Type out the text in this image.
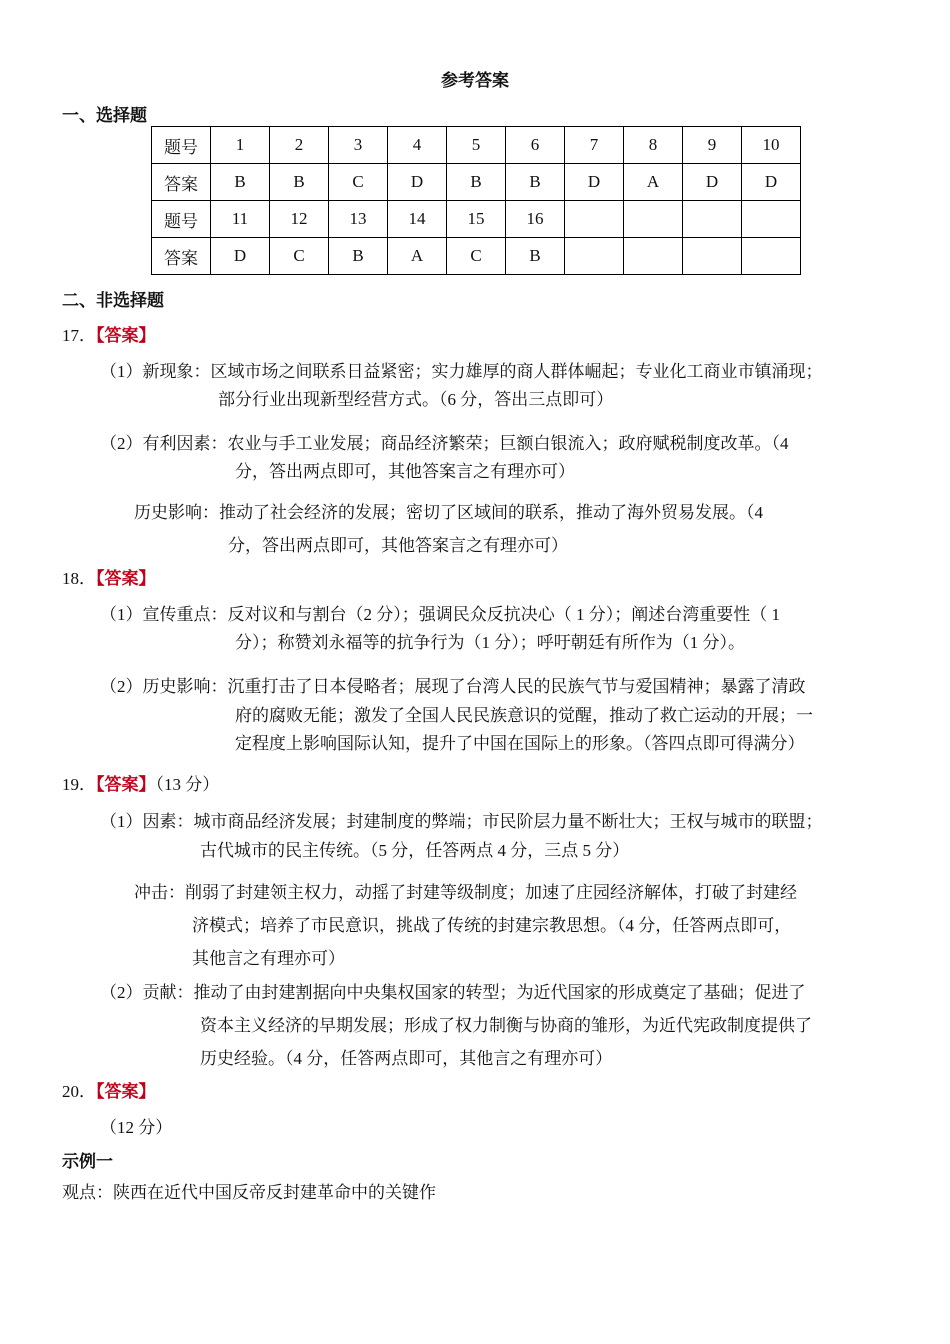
参考答案
一、选择题
题号	1	2	3	4	5	6	7	8	9	10
答案	B	B	C	D	B	B	D	A	D	D
题号	11	12	13	14	15	16				
答案	D	C	B	A	C	B				
二、非选择题
17．【答案】
（1）新现象：区域市场之间联系日益紧密；实力雄厚的商人群体崛起；专业化工商业市镇涌现；
部分行业出现新型经营方式。（6 分，答出三点即可）
（2）有利因素：农业与手工业发展；商品经济繁荣；巨额白银流入；政府赋税制度改革。（4
分，答出两点即可，其他答案言之有理亦可）
历史影响：推动了社会经济的发展；密切了区域间的联系，推动了海外贸易发展。（4
分，答出两点即可，其他答案言之有理亦可）
18．【答案】
（1）宣传重点：反对议和与割台（2 分）；强调民众反抗决心（ 1 分）；阐述台湾重要性（ 1
分）；称赞刘永福等的抗争行为（1 分）；呼吁朝廷有所作为（1 分）。
（2）历史影响：沉重打击了日本侵略者；展现了台湾人民的民族气节与爱国精神；暴露了清政
府的腐败无能；激发了全国人民民族意识的觉醒，推动了救亡运动的开展；一
定程度上影响国际认知，提升了中国在国际上的形象。（答四点即可得满分）
19．【答案】（13 分）
（1）因素：城市商品经济发展；封建制度的弊端；市民阶层力量不断壮大；王权与城市的联盟；
古代城市的民主传统。（5 分，任答两点 4 分，三点 5 分）
冲击：削弱了封建领主权力，动摇了封建等级制度；加速了庄园经济解体，打破了封建经
济模式；培养了市民意识，挑战了传统的封建宗教思想。（4 分，任答两点即可，
其他言之有理亦可）
（2）贡献：推动了由封建割据向中央集权国家的转型；为近代国家的形成奠定了基础；促进了
资本主义经济的早期发展；形成了权力制衡与协商的雏形，为近代宪政制度提供了
历史经验。（4 分，任答两点即可，其他言之有理亦可）
20．【答案】
（12 分）
示例一
观点：陕西在近代中国反帝反封建革命中的关键作
